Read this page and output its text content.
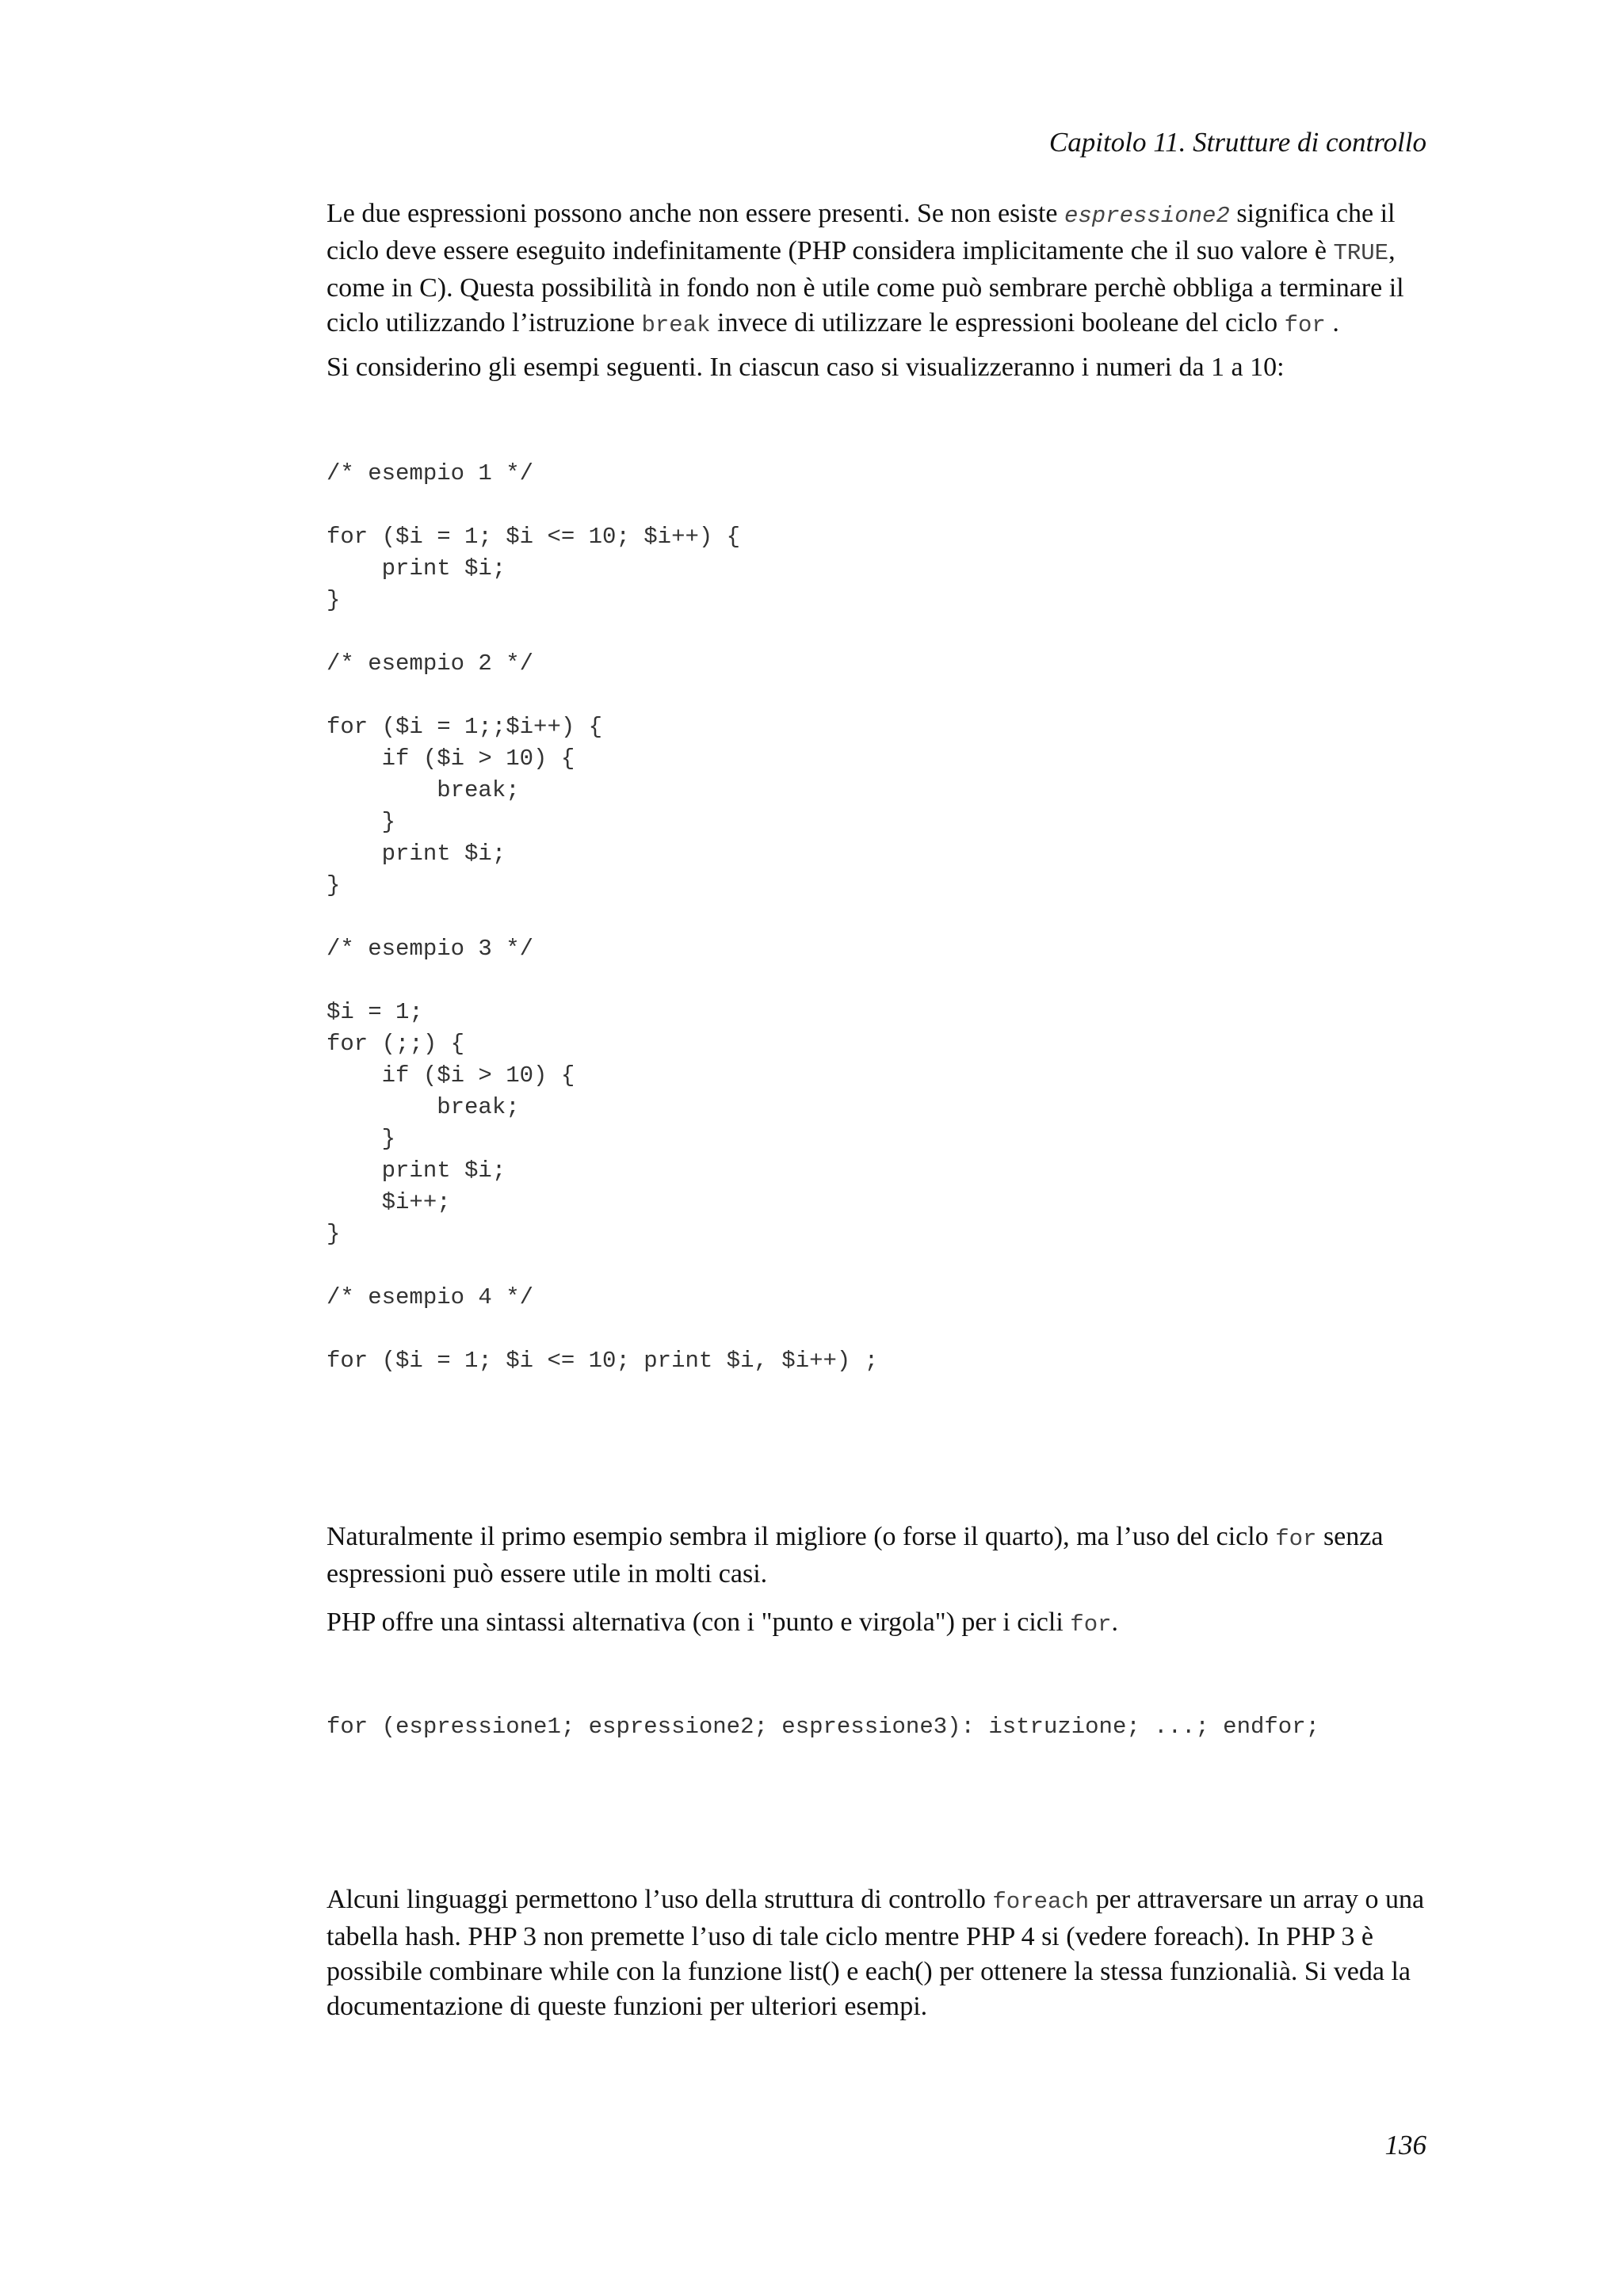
Capitolo 11. Strutture di controllo

Le due espressioni possono anche non essere presenti. Se non esiste espressione2 significa che il ciclo deve essere eseguito indefinitamente (PHP considera implicitamente che il suo valore è TRUE, come in C). Questa possibilità in fondo non è utile come può sembrare perchè obbliga a terminare il ciclo utilizzando l’istruzione break invece di utilizzare le espressioni booleane del ciclo for .

Si considerino gli esempi seguenti. In ciascun caso si visualizzeranno i numeri da 1 a 10:

/* esempio 1 */

for ($i = 1; $i <= 10; $i++) {
print $i;
}

/* esempio 2 */

for ($i = 1;;$i++) {
if ($i > 10) {
break;
}
print $i;
}

/* esempio 3 */

$i = 1;
for (;;) {
if ($i > 10) {
break;
}
print $i;
$i++;
}

/* esempio 4 */

for ($i = 1; $i <= 10; print $i, $i++) ;

Naturalmente il primo esempio sembra il migliore (o forse il quarto), ma l’uso del ciclo for senza espressioni può essere utile in molti casi.

PHP offre una sintassi alternativa (con i "punto e virgola") per i cicli for.

for (espressione1; espressione2; espressione3): istruzione; ...; endfor;

Alcuni linguaggi permettono l’uso della struttura di controllo foreach per attraversare un array o una tabella hash. PHP 3 non premette l’uso di tale ciclo mentre PHP 4 si (vedere foreach). In PHP 3 è possibile combinare while con la funzione list() e each() per ottenere la stessa funzionalià. Si veda la documentazione di queste funzioni per ulteriori esempi.

136
